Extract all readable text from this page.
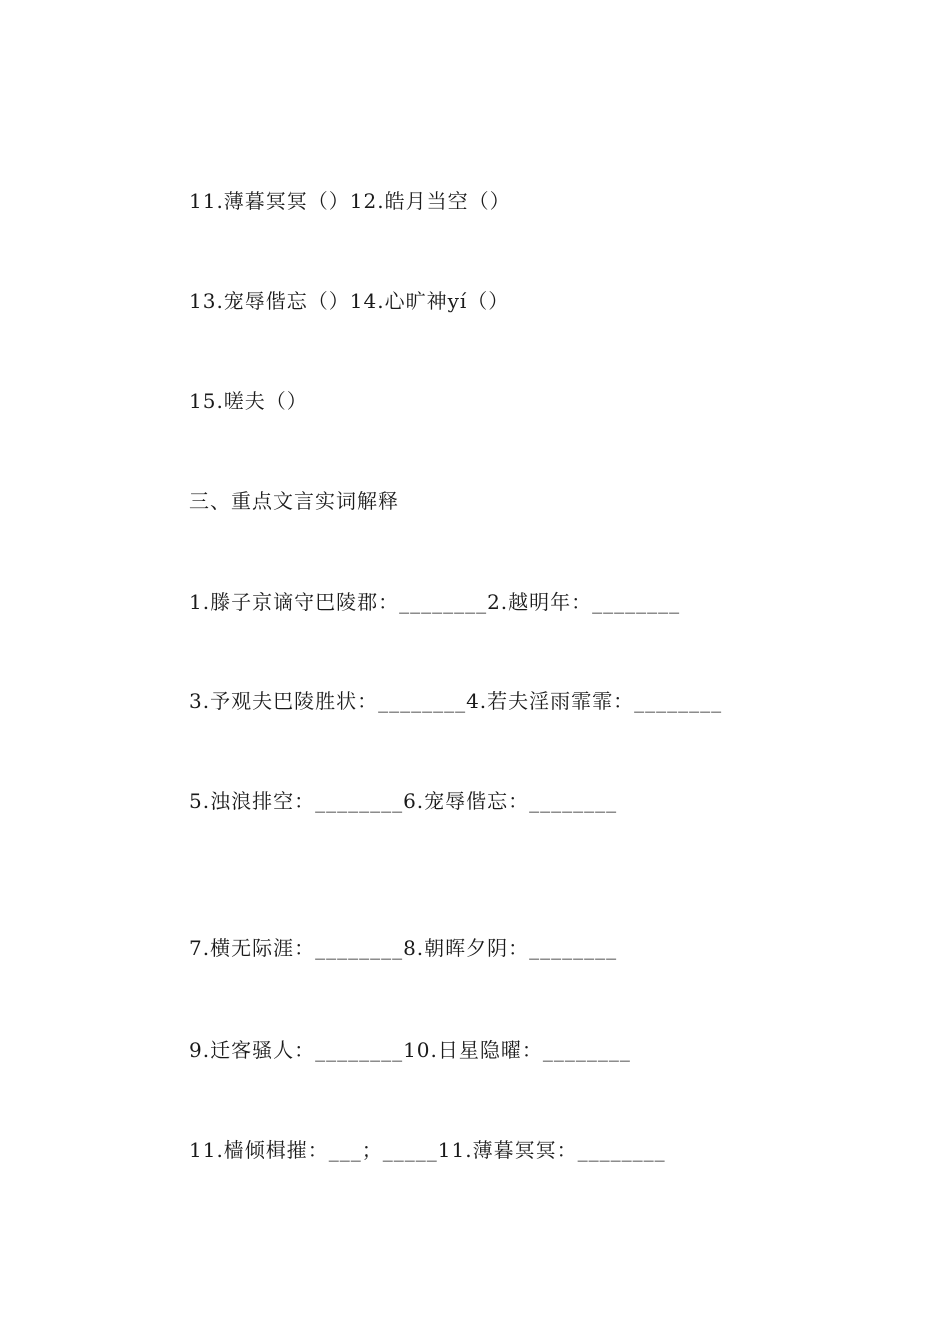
11.薄暮冥冥（）12.皓月当空（）
13.宠辱偕忘（）14.心旷神yí（）
15.嗟夫（）
三、重点文言实词解释
1.滕子京谪守巴陵郡：________2.越明年：________
3.予观夫巴陵胜状：________4.若夫淫雨霏霏：________
5.浊浪排空：________6.宠辱偕忘：________
7.横无际涯：________8.朝晖夕阴：________
9.迁客骚人：________10.日星隐曜：________
11.樯倾楫摧：___；_____11.薄暮冥冥：________
